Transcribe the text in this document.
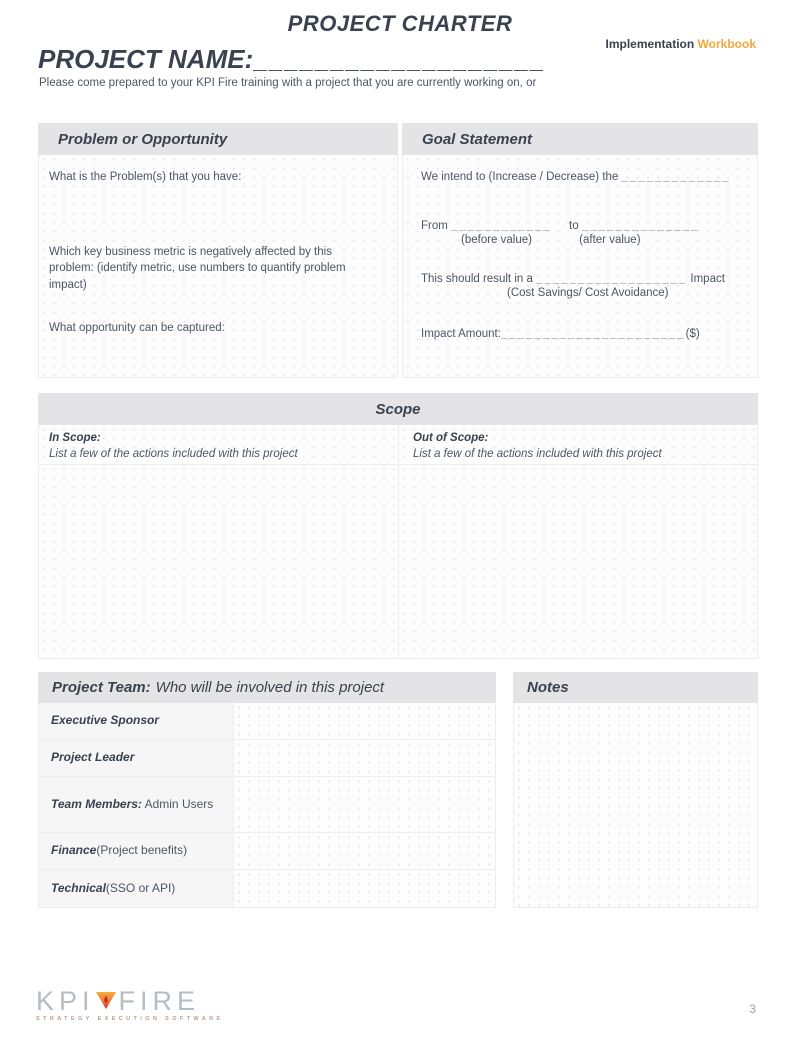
PROJECT CHARTER
Implementation Workbook
PROJECT NAME:___________________
Please come prepared to your KPI Fire training with a project that you are currently working on, or
Problem or Opportunity
What is the Problem(s) that you have:
Which key business metric is negatively affected by this problem: (identify metric, use numbers to quantify problem impact)
What opportunity can be captured:
Goal Statement
We intend to (Increase / Decrease) the _____________
From ____________ to ______________
(before value)	(after value)
This should result in a __________________ Impact
(Cost Savings/ Cost Avoidance)
Impact Amount:______________________($)
Scope
In Scope:
List a few of the actions included with this project
Out of Scope:
List a few of the actions included with this project
Project Team: Who will be involved in this project
Executive Sponsor
Project Leader
Team Members: Admin Users
Finance (Project benefits)
Technical (SSO or API)
Notes
KPI FIRE
STRATEGY EXECUTION SOFTWARE
3
